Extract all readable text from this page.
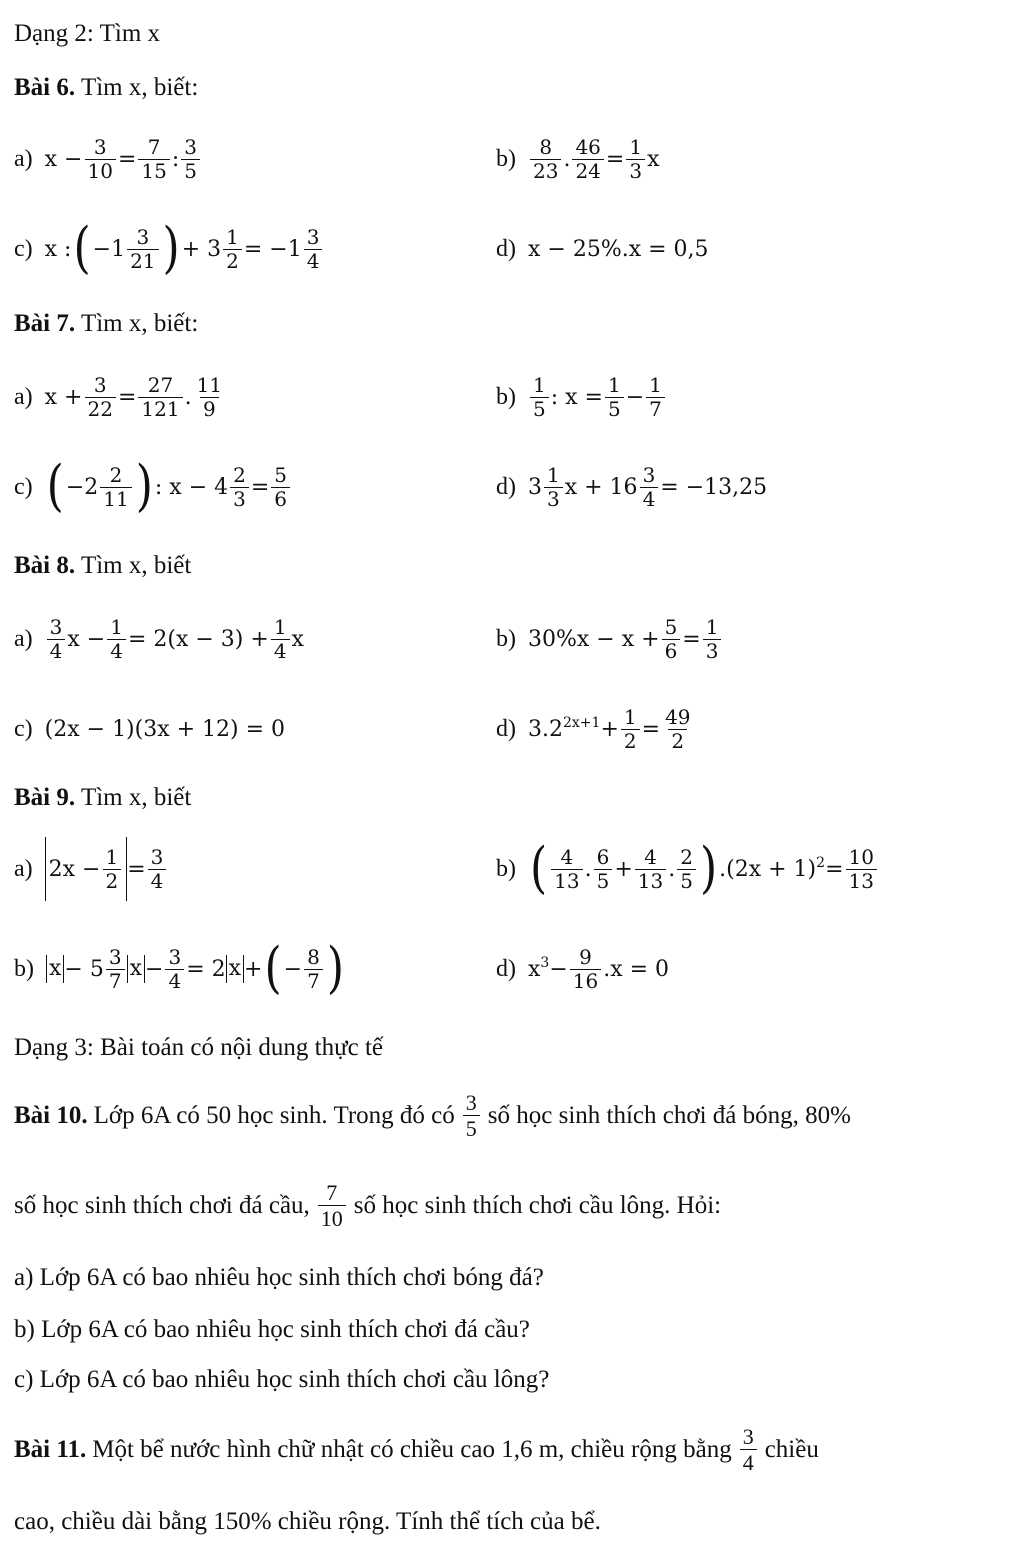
Dạng 2: Tìm x
Bài 6. Tìm x, biết:
a) $x - \frac{3}{10} = \frac{7}{15}$ : $\frac{3}{5}$	$b) \frac{8}{23}$ . $\frac{46}{24} = \frac{1}{3}$ x
c) x : ( $-1 \frac{3}{21}$ ) + $3 \frac{1}{2} = -1 \frac{3}{4}$	d) x − 25%.x = 0,5
Bài 7. Tìm x, biết:
a) $x + \frac{3}{22} = \frac{27}{121}$ . $\frac{11}{9}$	$b) \frac{1}{5}$ : $x = \frac{1}{5} - \frac{1}{7}$
c) ( $-2 \frac{2}{11}$ ) : $x - 4 \frac{2}{3} = \frac{5}{6}$	d) $3 \frac{1}{3}$ $x + 16 \frac{3}{4} = -13,25$
Bài 8. Tìm x, biết
$a) \frac{3}{4}$ $x - \frac{1}{4} = 2(x - 3) + \frac{1}{4}$ x	b) $30\%x - x + \frac{5}{6} = \frac{1}{3}$
c) (2x − 1)(3x + 12) = 0	d) $3.2^{2x+1} + \frac{1}{2} = \frac{49}{2}$
Bài 9. Tìm x, biết
a) $2x - \frac{1}{2} = \frac{3}{4}$	b) ( $\frac{4}{13}$ . $\frac{6}{5} + \frac{4}{13}$ . $\frac{2}{5}$ ) $.(2x + 1)^2 = \frac{10}{13}$
b) $x - 5 \frac{3}{7}$ $x - \frac{3}{4} = 2$ x + ( − $\frac{8}{7}$ )	d) $x^3 - \frac{9}{16} .x = 0$
Dạng 3: Bài toán có nội dung thực tế
Bài 10. Lớp 6A có 50 học sinh. Trong đó có $\frac{3}{5}$ số học sinh thích chơi đá bóng, 80%
số học sinh thích chơi đá cầu, $\frac{7}{10}$ số học sinh thích chơi cầu lông. Hỏi:
a) Lớp 6A có bao nhiêu học sinh thích chơi bóng đá?
b) Lớp 6A có bao nhiêu học sinh thích chơi đá cầu?
c) Lớp 6A có bao nhiêu học sinh thích chơi cầu lông?
Bài 11. Một bể nước hình chữ nhật có chiều cao 1,6 m, chiều rộng bằng $\frac{3}{4}$ chiều
cao, chiều dài bằng 150% chiều rộng. Tính thể tích của bể.
